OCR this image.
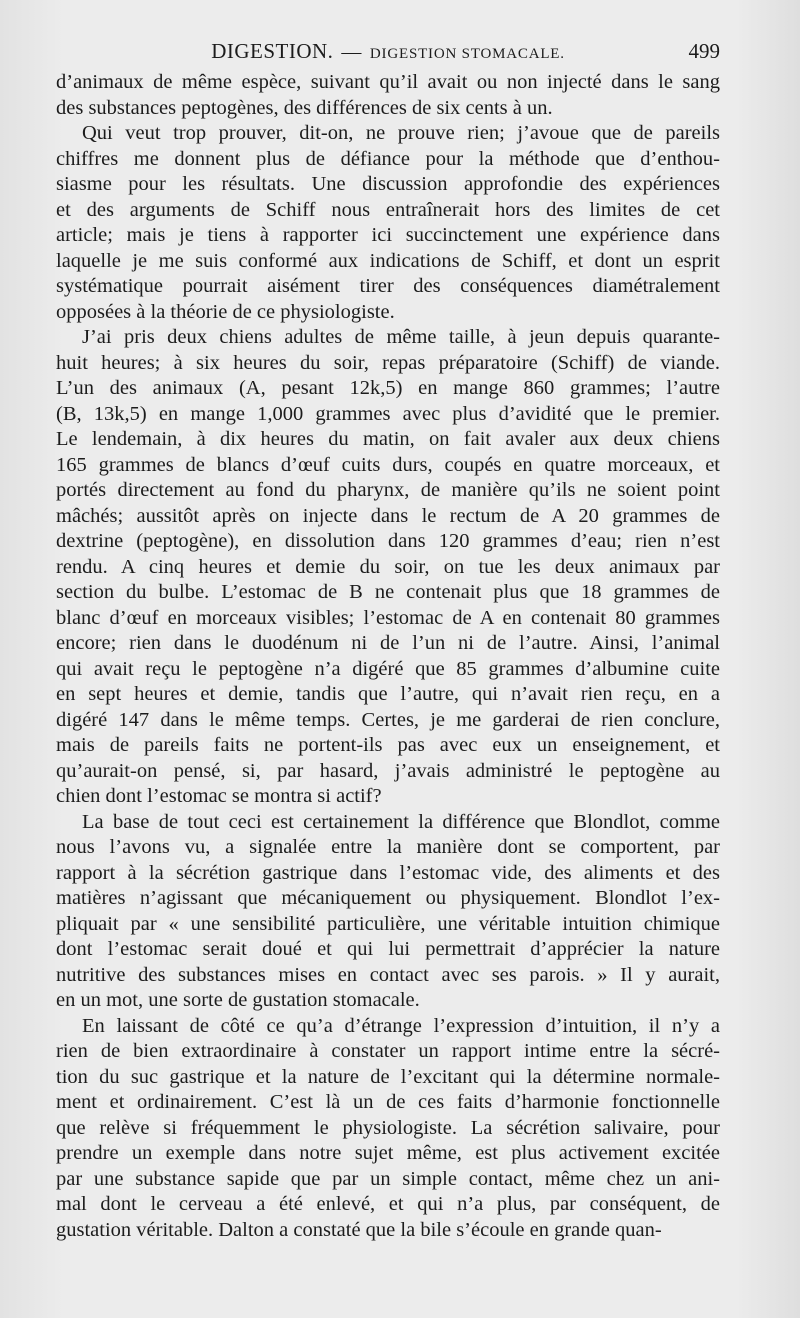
DIGESTION. — DIGESTION STOMACALE.	499

d’animaux de même espèce, suivant qu’il avait ou non injecté dans le sang
des substances peptogènes, des différences de six cents à un.

Qui veut trop prouver, dit-on, ne prouve rien; j’avoue que de pareils
chiffres me donnent plus de défiance pour la méthode que d’enthou-
siasme pour les résultats. Une discussion approfondie des expériences
et des arguments de Schiff nous entraînerait hors des limites de cet
article; mais je tiens à rapporter ici succinctement une expérience dans
laquelle je me suis conformé aux indications de Schiff, et dont un esprit
systématique pourrait aisément tirer des conséquences diamétralement
opposées à la théorie de ce physiologiste.

J’ai pris deux chiens adultes de même taille, à jeun depuis quarante-
huit heures; à six heures du soir, repas préparatoire (Schiff) de viande.
L’un des animaux (A, pesant 12k,5) en mange 860 grammes; l’autre
(B, 13k,5) en mange 1,000 grammes avec plus d’avidité que le premier.
Le lendemain, à dix heures du matin, on fait avaler aux deux chiens
165 grammes de blancs d’œuf cuits durs, coupés en quatre morceaux, et
portés directement au fond du pharynx, de manière qu’ils ne soient point
mâchés; aussitôt après on injecte dans le rectum de A 20 grammes de
dextrine (peptogène), en dissolution dans 120 grammes d’eau; rien n’est
rendu. A cinq heures et demie du soir, on tue les deux animaux par
section du bulbe. L’estomac de B ne contenait plus que 18 grammes de
blanc d’œuf en morceaux visibles; l’estomac de A en contenait 80 grammes
encore; rien dans le duodénum ni de l’un ni de l’autre. Ainsi, l’animal
qui avait reçu le peptogène n’a digéré que 85 grammes d’albumine cuite
en sept heures et demie, tandis que l’autre, qui n’avait rien reçu, en a
digéré 147 dans le même temps. Certes, je me garderai de rien conclure,
mais de pareils faits ne portent-ils pas avec eux un enseignement, et
qu’aurait-on pensé, si, par hasard, j’avais administré le peptogène au
chien dont l’estomac se montra si actif?

La base de tout ceci est certainement la différence que Blondlot, comme
nous l’avons vu, a signalée entre la manière dont se comportent, par
rapport à la sécrétion gastrique dans l’estomac vide, des aliments et des
matières n’agissant que mécaniquement ou physiquement. Blondlot l’ex-
pliquait par « une sensibilité particulière, une véritable intuition chimique
dont l’estomac serait doué et qui lui permettrait d’apprécier la nature
nutritive des substances mises en contact avec ses parois. » Il y aurait,
en un mot, une sorte de gustation stomacale.

En laissant de côté ce qu’a d’étrange l’expression d’intuition, il n’y a
rien de bien extraordinaire à constater un rapport intime entre la sécré-
tion du suc gastrique et la nature de l’excitant qui la détermine normale-
ment et ordinairement. C’est là un de ces faits d’harmonie fonctionnelle
que relève si fréquemment le physiologiste. La sécrétion salivaire, pour
prendre un exemple dans notre sujet même, est plus activement excitée
par une substance sapide que par un simple contact, même chez un ani-
mal dont le cerveau a été enlevé, et qui n’a plus, par conséquent, de
gustation véritable. Dalton a constaté que la bile s’écoule en grande quan-
